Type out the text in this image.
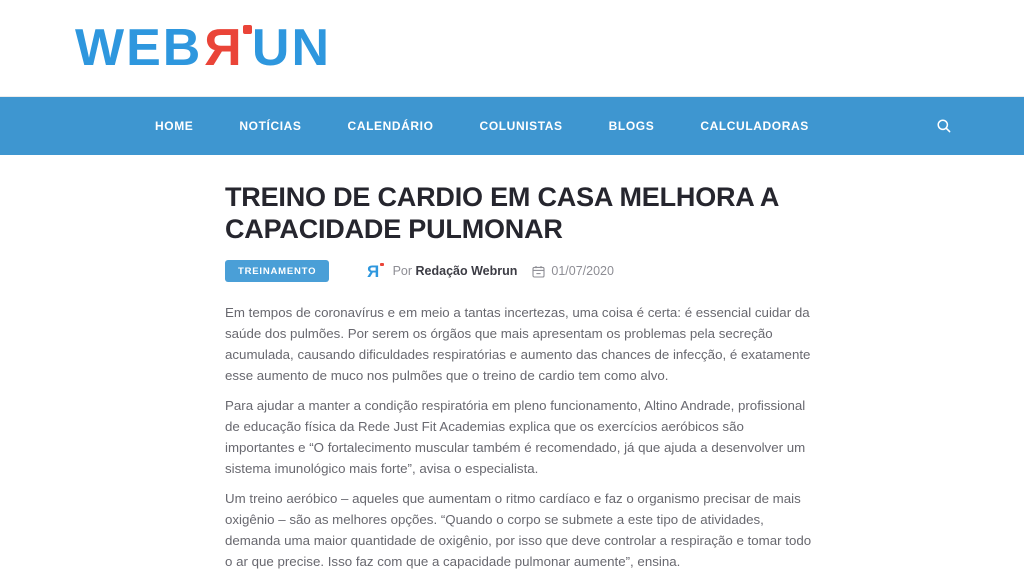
WEB R UN
HOME	NOTÍCIAS	CALENDÁRIO	COLUNISTAS	BLOGS	CALCULADORAS
TREINO DE CARDIO EM CASA MELHORA A CAPACIDADE PULMONAR
TREINAMENTO	R Por Redação Webrun	01/07/2020

Em tempos de coronavírus e em meio a tantas incertezas, uma coisa é certa: é essencial cuidar da saúde dos pulmões. Por serem os órgãos que mais apresentam os problemas pela secreção acumulada, causando dificuldades respiratórias e aumento das chances de infecção, é exatamente esse aumento de muco nos pulmões que o treino de cardio tem como alvo.

Para ajudar a manter a condição respiratória em pleno funcionamento, Altino Andrade, profissional de educação física da Rede Just Fit Academias explica que os exercícios aeróbicos são importantes e “O fortalecimento muscular também é recomendado, já que ajuda a desenvolver um sistema imunológico mais forte”, avisa o especialista.

Um treino aeróbico – aqueles que aumentam o ritmo cardíaco e faz o organismo precisar de mais oxigênio – são as melhores opções. “Quando o corpo se submete a este tipo de atividades, demanda uma maior quantidade de oxigênio, por isso que deve controlar a respiração e tomar todo o ar que precise. Isso faz com que a capacidade pulmonar aumente”, ensina.
